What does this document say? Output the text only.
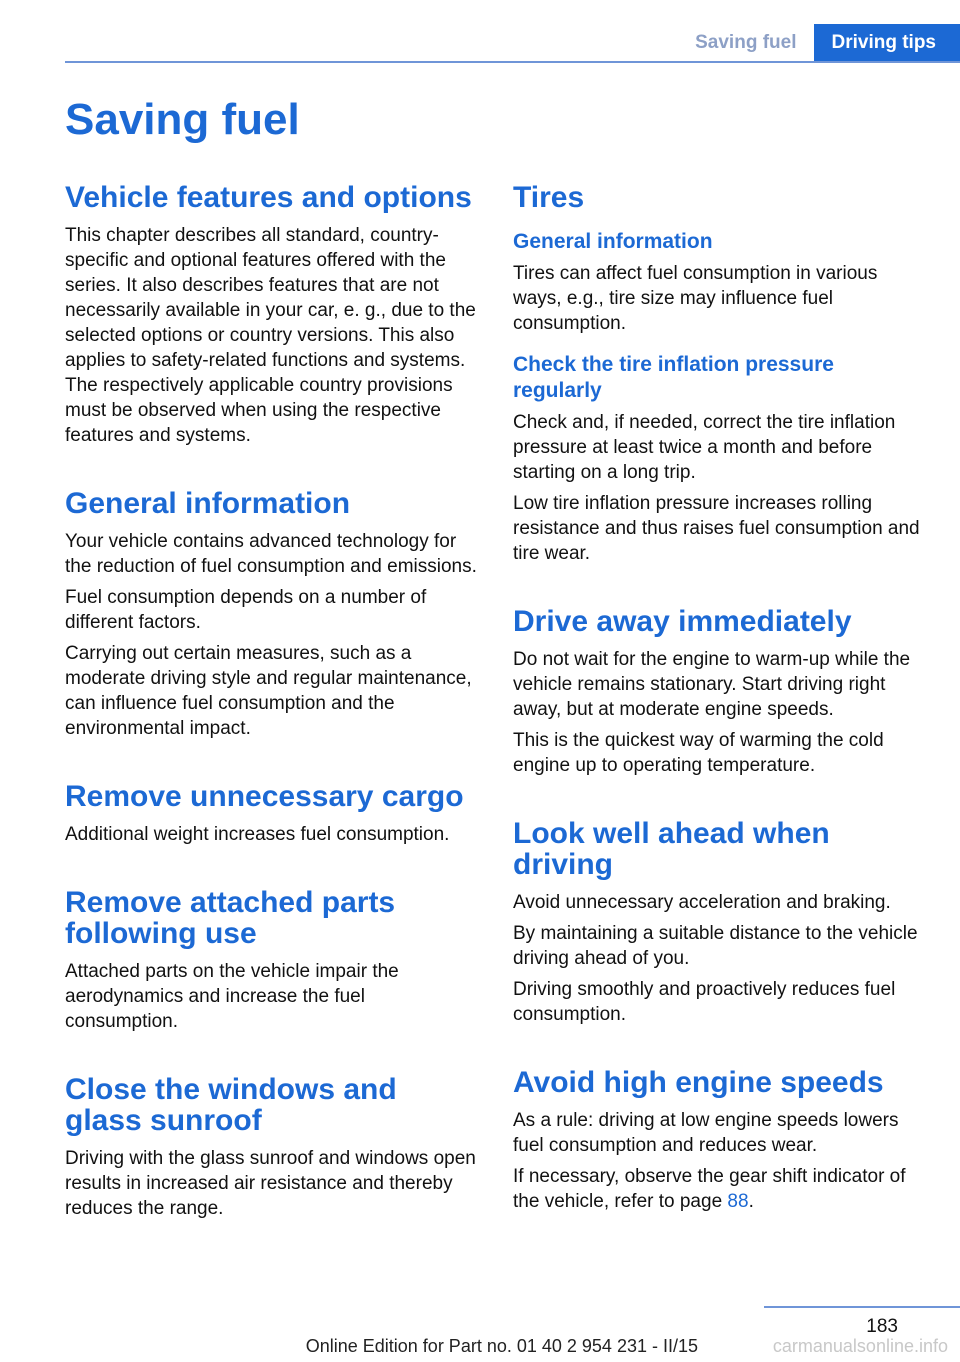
Saving fuel	Driving tips
Saving fuel
Vehicle features and options

This chapter describes all standard, country-specific and optional features offered with the series. It also describes features that are not necessarily available in your car, e. g., due to the selected options or country versions. This also applies to safety-related functions and systems. The respectively applicable country provisions must be observed when using the respective features and systems.

General information

Your vehicle contains advanced technology for the reduction of fuel consumption and emissions.

Fuel consumption depends on a number of different factors.

Carrying out certain measures, such as a moderate driving style and regular maintenance, can influence fuel consumption and the environmental impact.

Remove unnecessary cargo

Additional weight increases fuel consumption.

Remove attached parts following use

Attached parts on the vehicle impair the aerodynamics and increase the fuel consumption.

Close the windows and glass sunroof

Driving with the glass sunroof and windows open results in increased air resistance and thereby reduces the range.

Tires
General information

Tires can affect fuel consumption in various ways, e.g., tire size may influence fuel consumption.

Check the tire inflation pressure regularly

Check and, if needed, correct the tire inflation pressure at least twice a month and before starting on a long trip.

Low tire inflation pressure increases rolling resistance and thus raises fuel consumption and tire wear.

Drive away immediately

Do not wait for the engine to warm-up while the vehicle remains stationary. Start driving right away, but at moderate engine speeds.

This is the quickest way of warming the cold engine up to operating temperature.

Look well ahead when driving

Avoid unnecessary acceleration and braking.

By maintaining a suitable distance to the vehicle driving ahead of you.

Driving smoothly and proactively reduces fuel consumption.

Avoid high engine speeds

As a rule: driving at low engine speeds lowers fuel consumption and reduces wear.

If necessary, observe the gear shift indicator of the vehicle, refer to page 88.

183
Online Edition for Part no. 01 40 2 954 231 - II/15	carmanualsonline.info
